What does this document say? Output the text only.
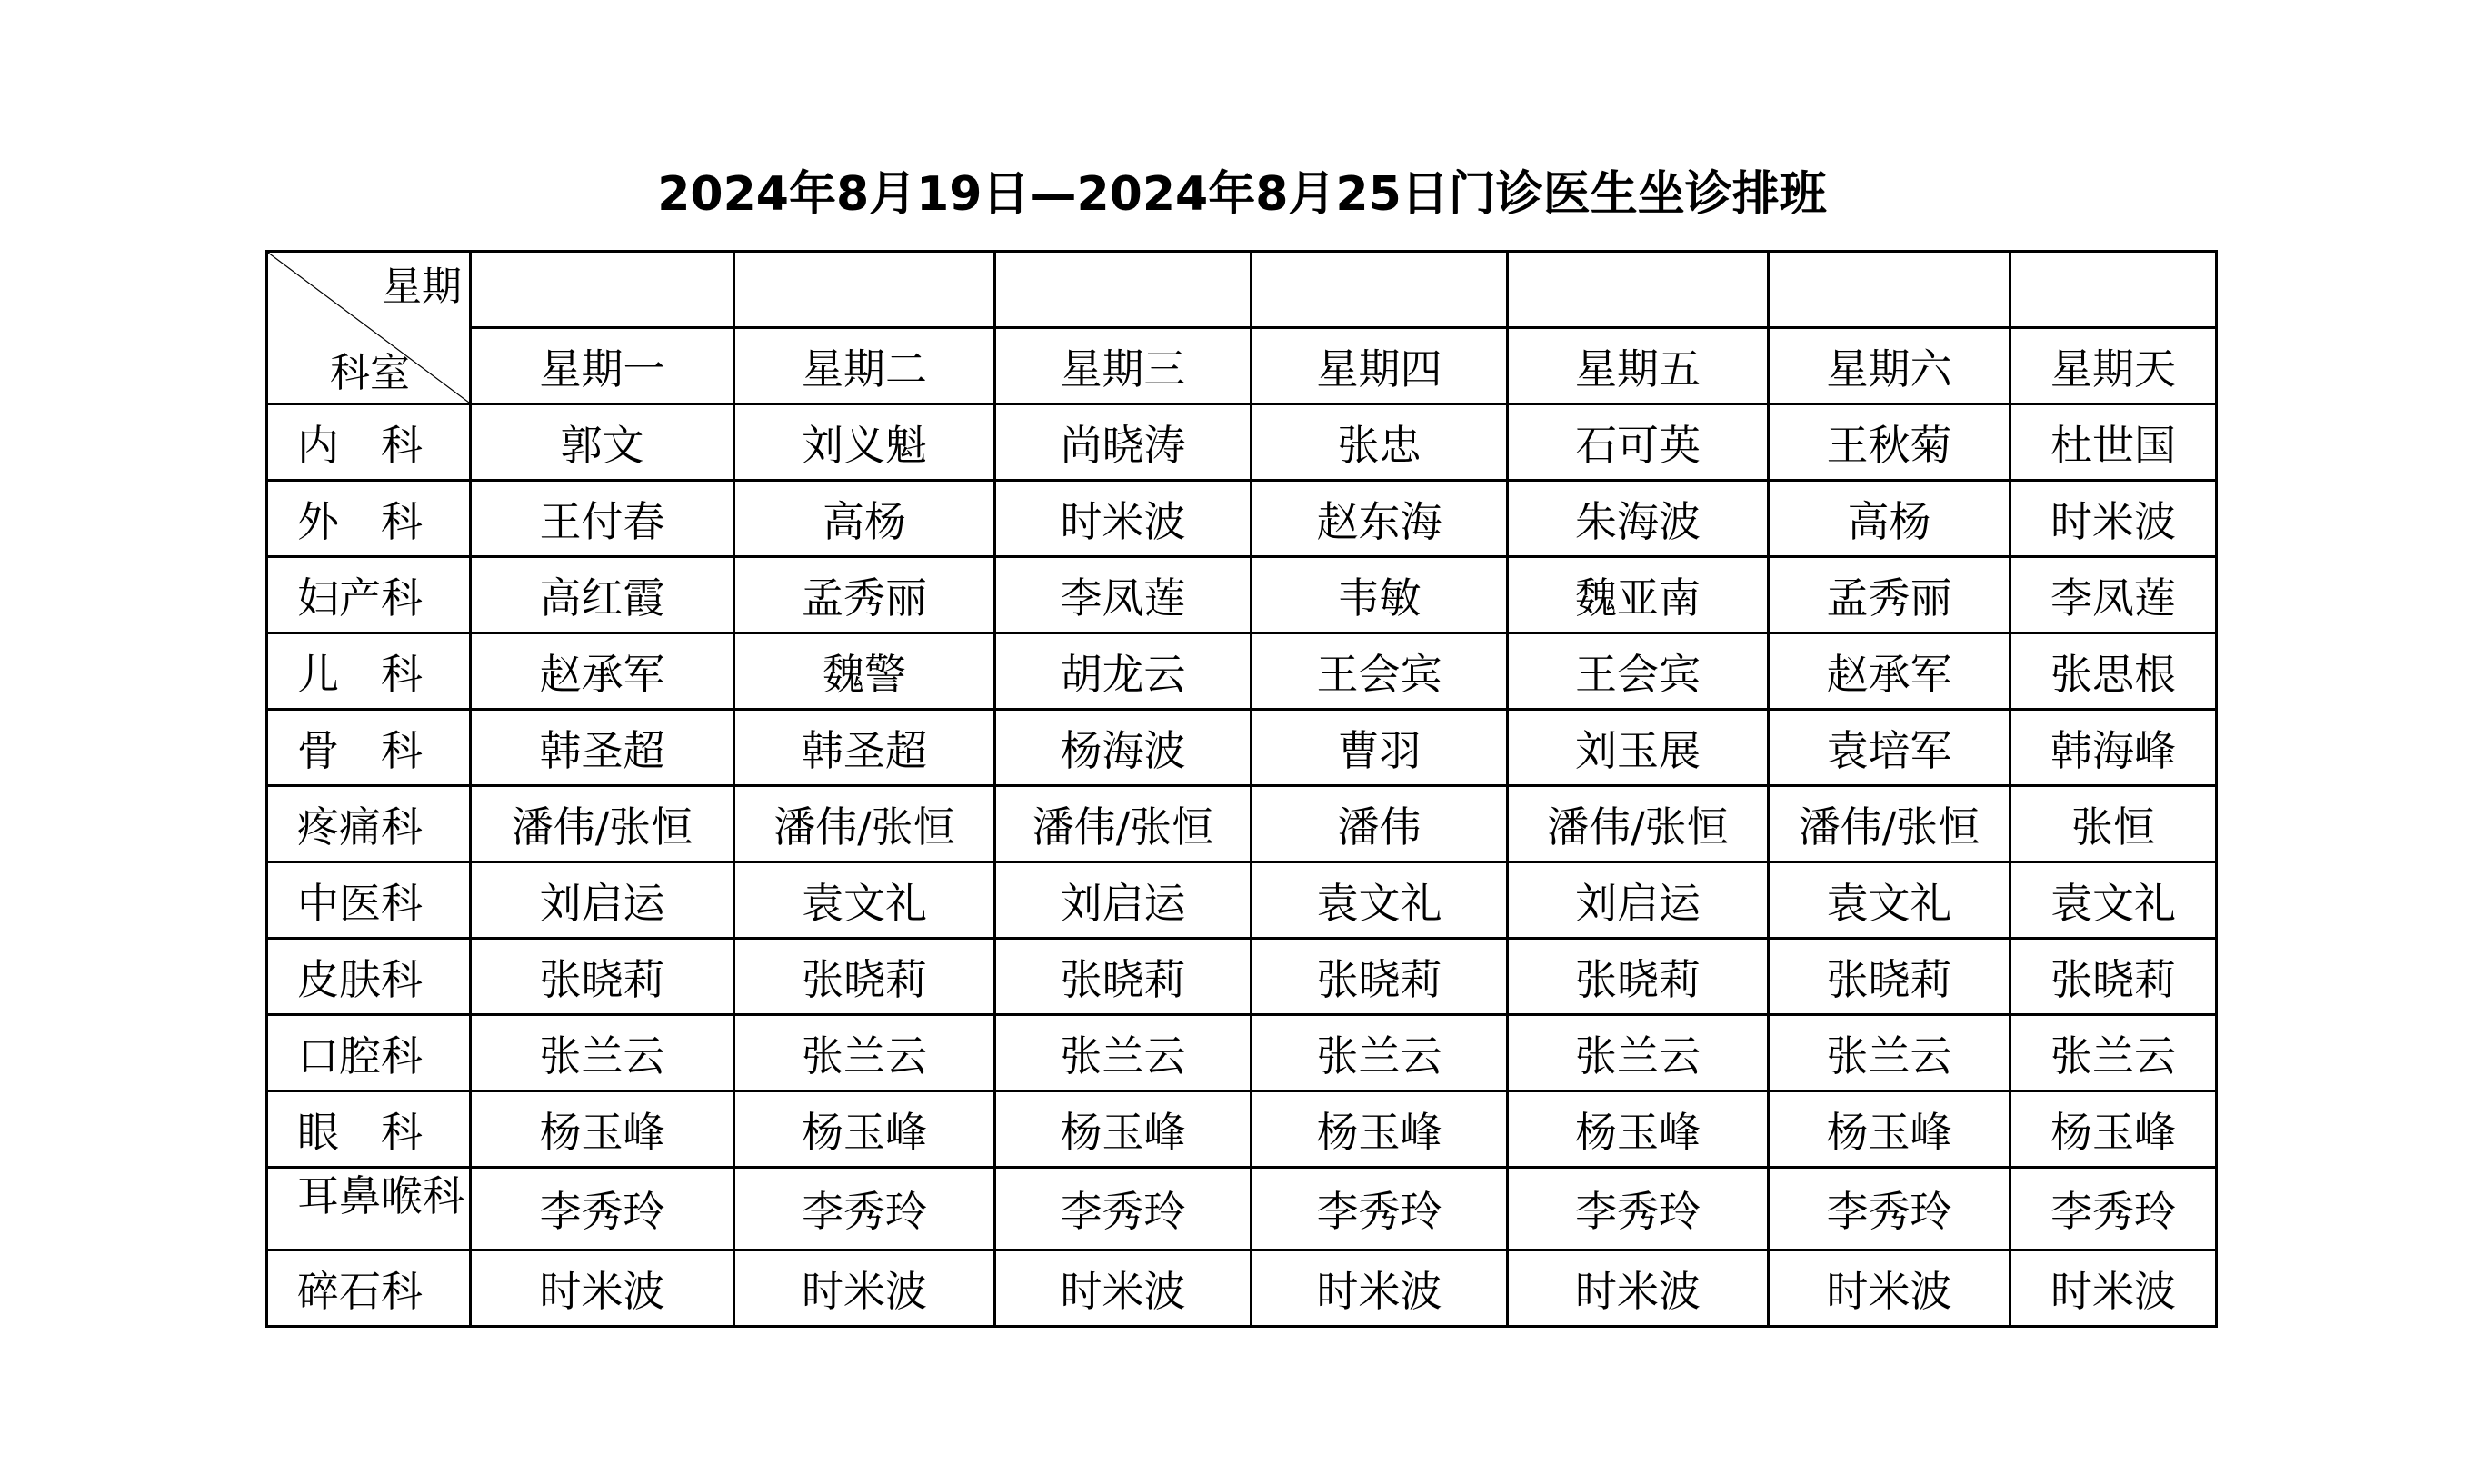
2024年8月19日—2024年8月25日门诊医生坐诊排班
星期
科室							

	星期一	星期二	星期三	星期四	星期五	星期六	星期天
内　科	郭文	刘义魁	尚晓涛	张忠	石可英	王秋菊	杜世国
外　科	王付春	高杨	时米波	赵东海	朱海波	高杨	时米波
妇产科	高红霞	孟秀丽	李凤莲	韦敏	魏亚南	孟秀丽	李凤莲
儿　科	赵承军	魏警	胡龙云	王会宾	王会宾	赵承军	张思根
骨　科	韩圣超	韩圣超	杨海波	曹羽	刘玉展	袁培军	韩海峰
疼痛科	潘伟/张恒	潘伟/张恒	潘伟/张恒	潘伟	潘伟/张恒	潘伟/张恒	张恒
中医科	刘启运	袁文礼	刘启运	袁文礼	刘启运	袁文礼	袁文礼
皮肤科	张晓莉	张晓莉	张晓莉	张晓莉	张晓莉	张晓莉	张晓莉
口腔科	张兰云	张兰云	张兰云	张兰云	张兰云	张兰云	张兰云
眼　科	杨玉峰	杨玉峰	杨玉峰	杨玉峰	杨玉峰	杨玉峰	杨玉峰

耳鼻喉科	李秀玲	李秀玲	李秀玲	李秀玲	李秀玲	李秀玲	李秀玲
碎石科	时米波	时米波	时米波	时米波	时米波	时米波	时米波
